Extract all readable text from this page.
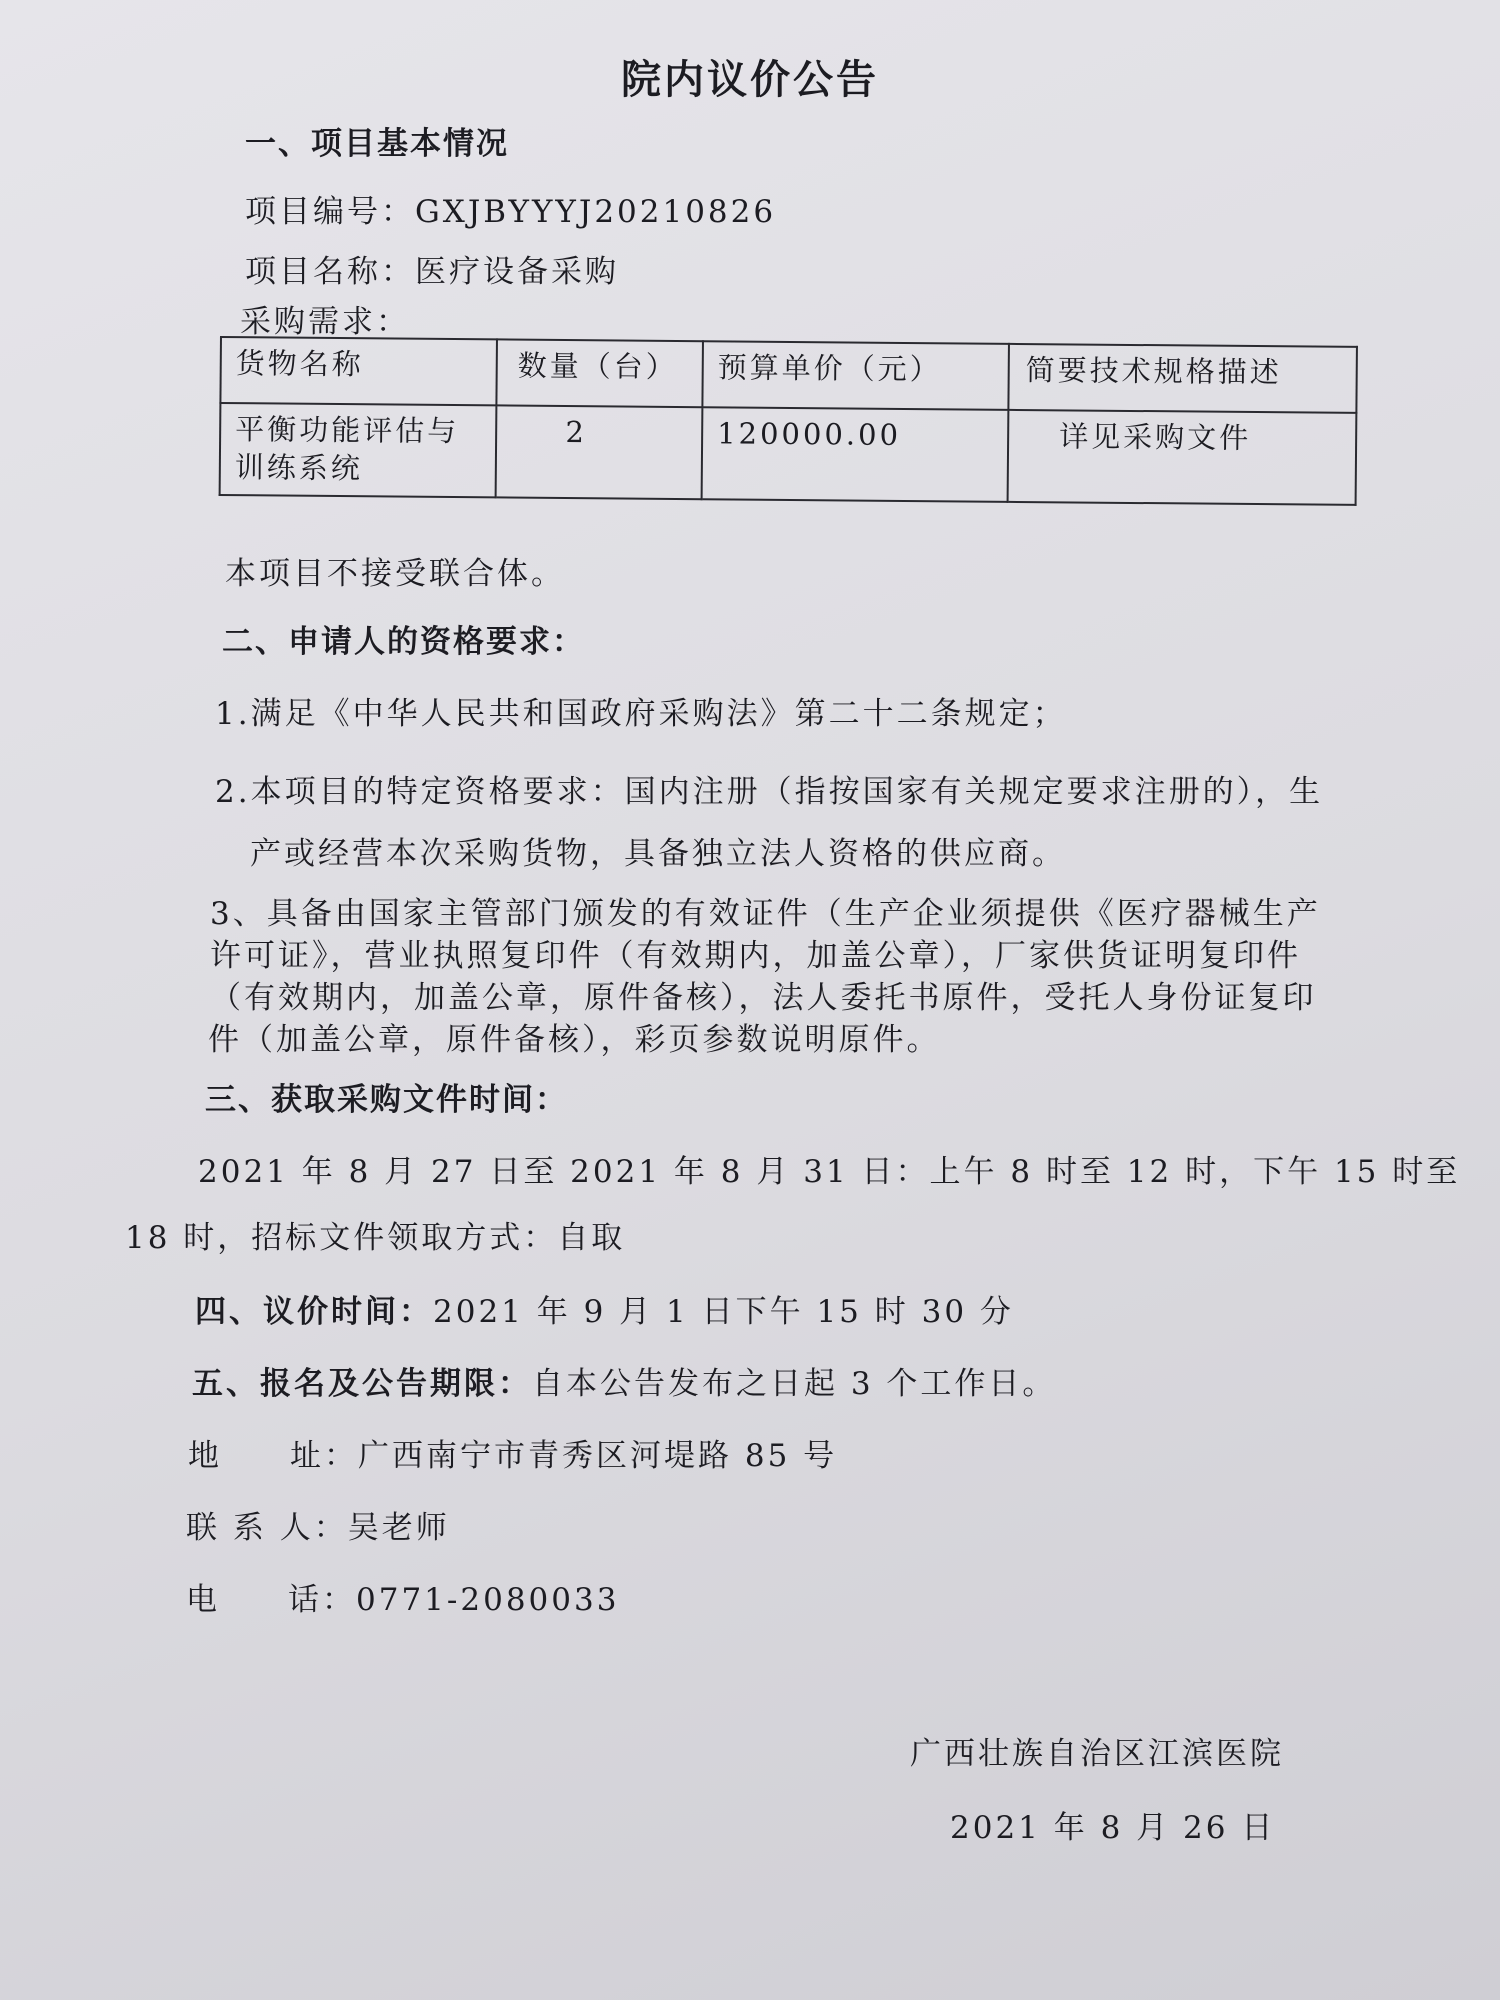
院内议价公告
一、项目基本情况
项目编号：GXJBYYYJ20210826
项目名称：医疗设备采购
采购需求：
货物名称	数量（台）	预算单价（元）	简要技术规格描述
平衡功能评估与训练系统	2	120000.00	详见采购文件
本项目不接受联合体。
二、申请人的资格要求：
1.满足《中华人民共和国政府采购法》第二十二条规定；
2.本项目的特定资格要求：国内注册（指按国家有关规定要求注册的），生
产或经营本次采购货物，具备独立法人资格的供应商。
3、具备由国家主管部门颁发的有效证件（生产企业须提供《医疗器械生产
许可证》，营业执照复印件（有效期内，加盖公章），厂家供货证明复印件
（有效期内，加盖公章，原件备核），法人委托书原件，受托人身份证复印
件（加盖公章，原件备核），彩页参数说明原件。
三、获取采购文件时间：
2021 年 8 月 27 日至 2021 年 8 月 31 日：上午 8 时至 12 时，下午 15 时至
18 时，招标文件领取方式：自取
四、议价时间：2021 年 9 月 1 日下午 15 时 30 分
五、报名及公告期限：自本公告发布之日起 3 个工作日。
地　　址：广西南宁市青秀区河堤路 85 号
联 系 人：吴老师
电　　话：0771-2080033
广西壮族自治区江滨医院
2021 年 8 月 26 日
